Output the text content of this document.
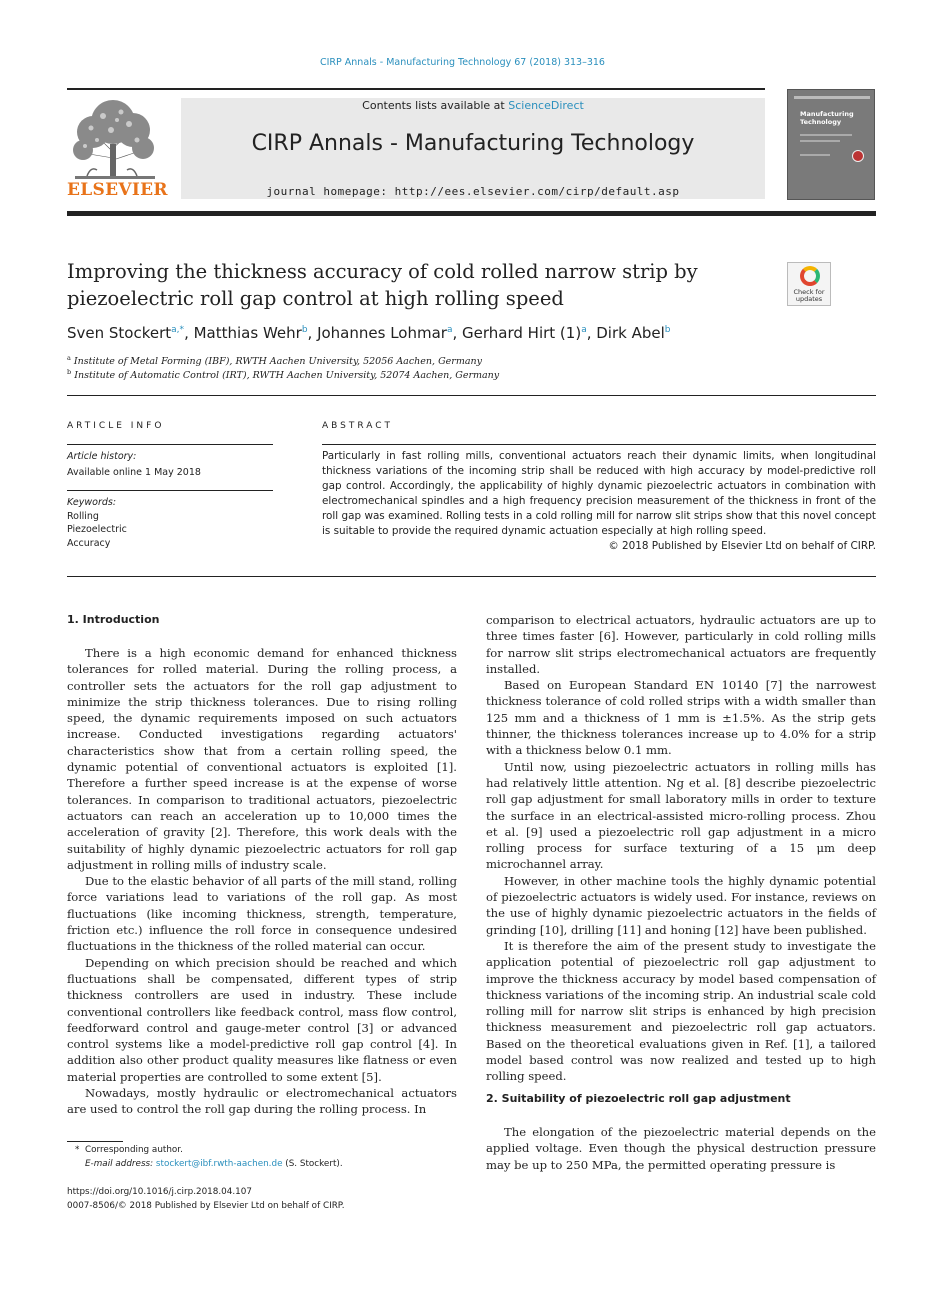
CIRP Annals - Manufacturing Technology 67 (2018) 313–316
ELSEVIER
Contents lists available at ScienceDirect
CIRP Annals - Manufacturing Technology
journal homepage: http://ees.elsevier.com/cirp/default.asp
Manufacturing Technology
Improving the thickness accuracy of cold rolled narrow strip by piezoelectric roll gap control at high rolling speed	Check for updates
Sven Stockert$^{a,*}$, Matthias Wehr$^b$, Johannes Lohmar$^a$, Gerhard Hirt $(1)^a$, Dirk Abel$^b$
$^a$ Institute of Metal Forming (IBF), RWTH Aachen University, 52056 Aachen, Germany
$^b$ Institute of Automatic Control (IRT), RWTH Aachen University, 52074 Aachen, Germany
ARTICLE INFO
Article history:
Available online 1 May 2018
Keywords:
Rolling
Piezoelectric
Accuracy
ABSTRACT
Particularly in fast rolling mills, conventional actuators reach their dynamic limits, when longitudinal thickness variations of the incoming strip shall be reduced with high accuracy by model-predictive roll gap control. Accordingly, the applicability of highly dynamic piezoelectric actuators in combination with electromechanical spindles and a high frequency precision measurement of the thickness in front of the roll gap was examined. Rolling tests in a cold rolling mill for narrow slit strips show that this novel concept is suitable to provide the required dynamic actuation especially at high rolling speed.
© 2018 Published by Elsevier Ltd on behalf of CIRP.
1. Introduction

There is a high economic demand for enhanced thickness tolerances for rolled material. During the rolling process, a controller sets the actuators for the roll gap adjustment to minimize the strip thickness tolerances. Due to rising rolling speed, the dynamic requirements imposed on such actuators increase. Conducted investigations regarding actuators' characteristics show that from a certain rolling speed, the dynamic potential of conventional actuators is exploited [1]. Therefore a further speed increase is at the expense of worse tolerances. In comparison to traditional actuators, piezoelectric actuators can reach an acceleration up to 10,000 times the acceleration of gravity [2]. Therefore, this work deals with the suitability of highly dynamic piezoelectric actuators for roll gap adjustment in rolling mills of industry scale.

Due to the elastic behavior of all parts of the mill stand, rolling force variations lead to variations of the roll gap. As most fluctuations (like incoming thickness, strength, temperature, friction etc.) influence the roll force in consequence undesired fluctuations in the thickness of the rolled material can occur.

Depending on which precision should be reached and which fluctuations shall be compensated, different types of strip thickness controllers are used in industry. These include conventional controllers like feedback control, mass flow control, feedforward control and gauge-meter control [3] or advanced control systems like a model-predictive roll gap control [4]. In addition also other product quality measures like flatness or even material properties are controlled to some extent [5].

Nowadays, mostly hydraulic or electromechanical actuators are used to control the roll gap during the rolling process. In

comparison to electrical actuators, hydraulic actuators are up to three times faster [6]. However, particularly in cold rolling mills for narrow slit strips electromechanical actuators are frequently installed.

Based on European Standard EN 10140 [7] the narrowest thickness tolerance of cold rolled strips with a width smaller than 125 mm and a thickness of 1 mm is ±1.5%. As the strip gets thinner, the thickness tolerances increase up to 4.0% for a strip with a thickness below 0.1 mm.

Until now, using piezoelectric actuators in rolling mills has had relatively little attention. Ng et al. [8] describe piezoelectric roll gap adjustment for small laboratory mills in order to texture the surface in an electrical-assisted micro-rolling process. Zhou et al. [9] used a piezoelectric roll gap adjustment in a micro rolling process for surface texturing of a 15 μm deep microchannel array.

However, in other machine tools the highly dynamic potential of piezoelectric actuators is widely used. For instance, reviews on the use of highly dynamic piezoelectric actuators in the fields of grinding [10], drilling [11] and honing [12] have been published.

It is therefore the aim of the present study to investigate the application potential of piezoelectric roll gap adjustment to improve the thickness accuracy by model based compensation of thickness variations of the incoming strip. An industrial scale cold rolling mill for narrow slit strips is enhanced by high precision thickness measurement and piezoelectric roll gap actuators. Based on the theoretical evaluations given in Ref. [1], a tailored model based control was now realized and tested up to high rolling speed.

2. Suitability of piezoelectric roll gap adjustment

The elongation of the piezoelectric material depends on the applied voltage. Even though the physical destruction pressure may be up to 250 MPa, the permitted operating pressure is

* Corresponding author.
E-mail address: stockert@ibf.rwth-aachen.de (S. Stockert).
https://doi.org/10.1016/j.cirp.2018.04.107
0007-8506/© 2018 Published by Elsevier Ltd on behalf of CIRP.
